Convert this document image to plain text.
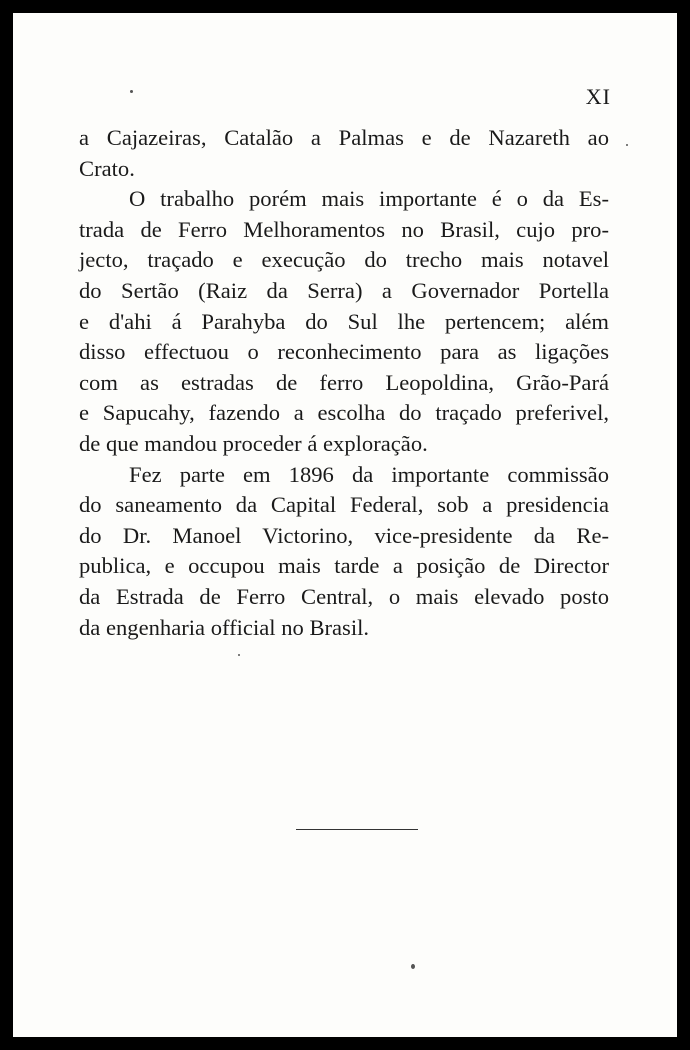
XI
a Cajazeiras, Catalão a Palmas e de Nazareth ao
Crato.
O trabalho porém mais importante é o da Es-
trada de Ferro Melhoramentos no Brasil, cujo pro-
jecto, traçado e execução do trecho mais notavel
do Sertão (Raiz da Serra) a Governador Portella
e d'ahi á Parahyba do Sul lhe pertencem; além
disso effectuou o reconhecimento para as ligações
com as estradas de ferro Leopoldina, Grão-Pará
e Sapucahy, fazendo a escolha do traçado preferivel,
de que mandou proceder á exploração.
Fez parte em 1896 da importante commissão
do saneamento da Capital Federal, sob a presidencia
do Dr. Manoel Victorino, vice-presidente da Re-
publica, e occupou mais tarde a posição de Director
da Estrada de Ferro Central, o mais elevado posto
da engenharia official no Brasil.
